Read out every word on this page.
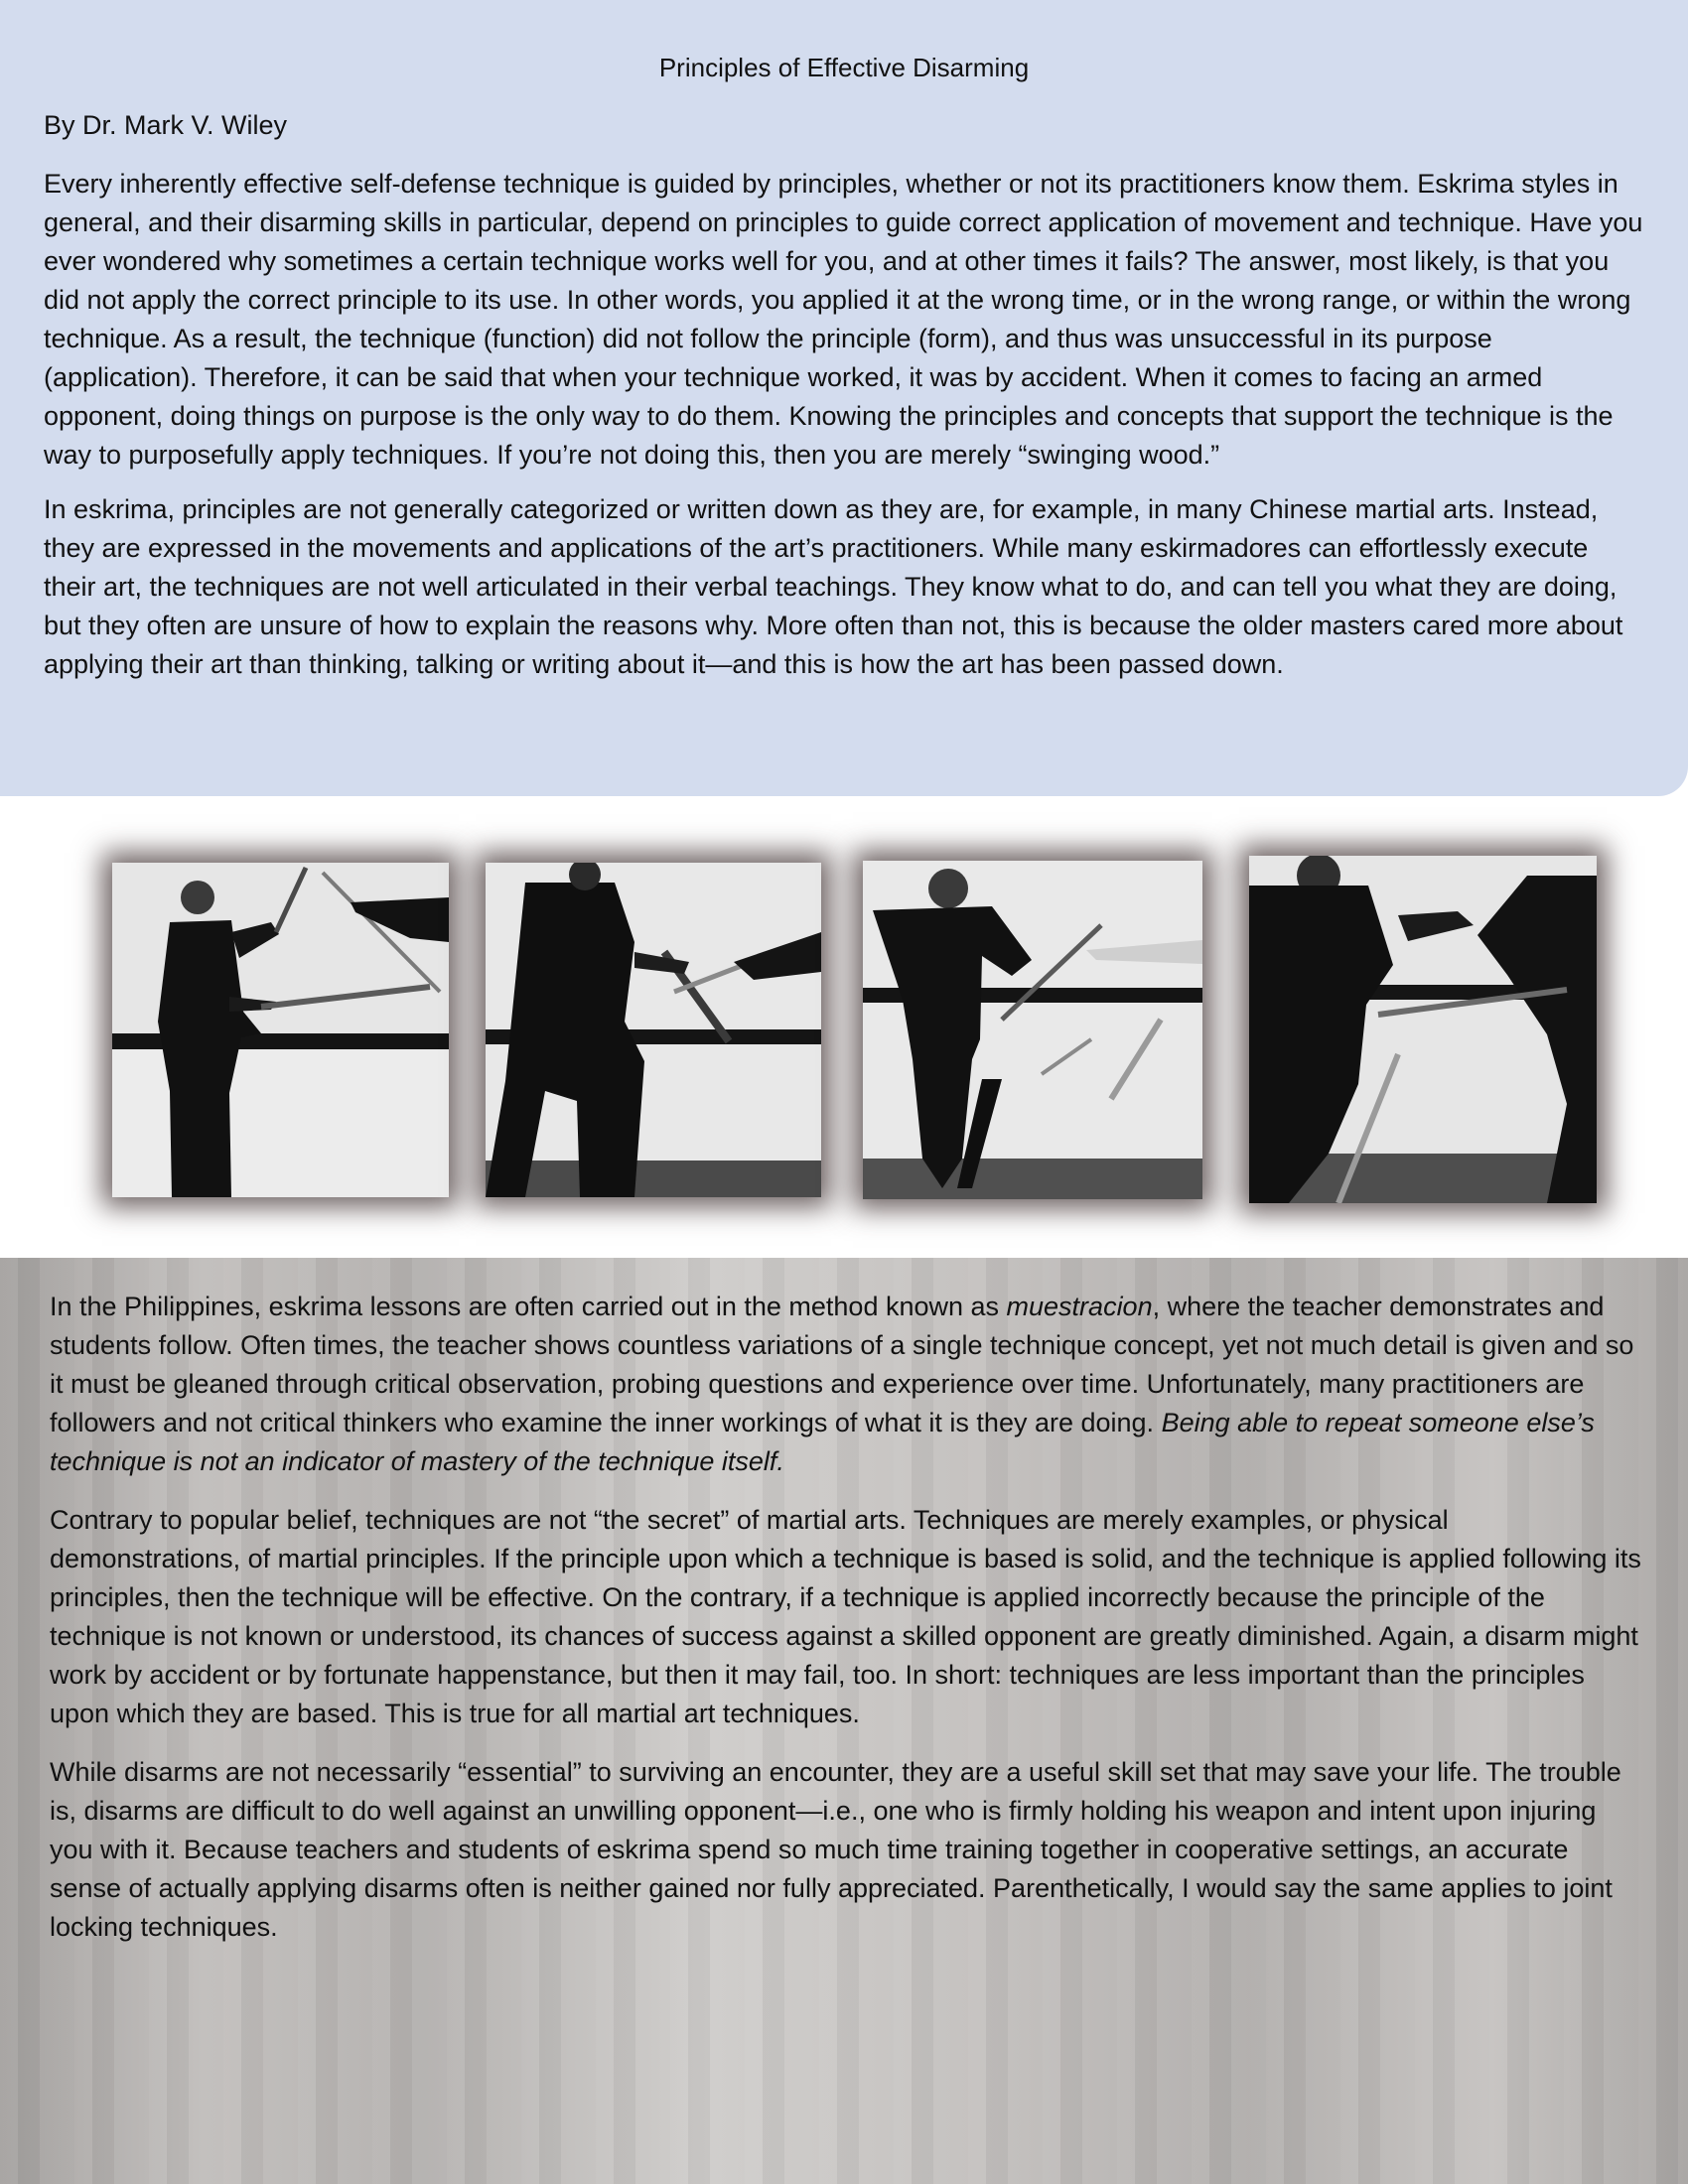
Principles of Effective Disarming
By Dr. Mark V. Wiley

Every inherently effective self-defense technique is guided by principles, whether or not its practitioners know them. Eskrima styles in general, and their disarming skills in particular, depend on principles to guide correct application of movement and technique. Have you ever wondered why sometimes a certain technique works well for you, and at other times it fails? The answer, most likely, is that you did not apply the correct principle to its use. In other words, you applied it at the wrong time, or in the wrong range, or within the wrong technique. As a result, the technique (function) did not follow the principle (form), and thus was unsuccessful in its purpose (application). Therefore, it can be said that when your technique worked, it was by accident. When it comes to facing an armed opponent, doing things on purpose is the only way to do them. Knowing the principles and concepts that support the technique is the way to purposefully apply techniques. If you’re not doing this, then you are merely “swinging wood.”

In eskrima, principles are not generally categorized or written down as they are, for example, in many Chinese martial arts. Instead, they are expressed in the movements and applications of the art’s practitioners. While many eskirmadores can effortlessly execute their art, the techniques are not well articulated in their verbal teachings. They know what to do, and can tell you what they are doing, but they often are unsure of how to explain the reasons why. More often than not, this is because the older masters cared more about applying their art than thinking, talking or writing about it—and this is how the art has been passed down.

In the Philippines, eskrima lessons are often carried out in the method known as muestracion, where the teacher demonstrates and students follow. Often times, the teacher shows countless variations of a single technique concept, yet not much detail is given and so it must be gleaned through critical observation, probing questions and experience over time. Unfortunately, many practitioners are followers and not critical thinkers who examine the inner workings of what it is they are doing. Being able to repeat someone else’s technique is not an indicator of mastery of the technique itself.

Contrary to popular belief, techniques are not “the secret” of martial arts. Techniques are merely examples, or physical demonstrations, of martial principles. If the principle upon which a technique is based is solid, and the technique is applied following its principles, then the technique will be effective. On the contrary, if a technique is applied incorrectly because the principle of the technique is not known or understood, its chances of success against a skilled opponent are greatly diminished. Again, a disarm might work by accident or by fortunate happenstance, but then it may fail, too. In short: techniques are less important than the principles upon which they are based. This is true for all martial art techniques.

While disarms are not necessarily “essential” to surviving an encounter, they are a useful skill set that may save your life. The trouble is, disarms are difficult to do well against an unwilling opponent—i.e., one who is firmly holding his weapon and intent upon injuring you with it. Because teachers and students of eskrima spend so much time training together in cooperative settings, an accurate sense of actually applying disarms often is neither gained nor fully appreciated. Parenthetically, I would say the same applies to joint locking techniques.
